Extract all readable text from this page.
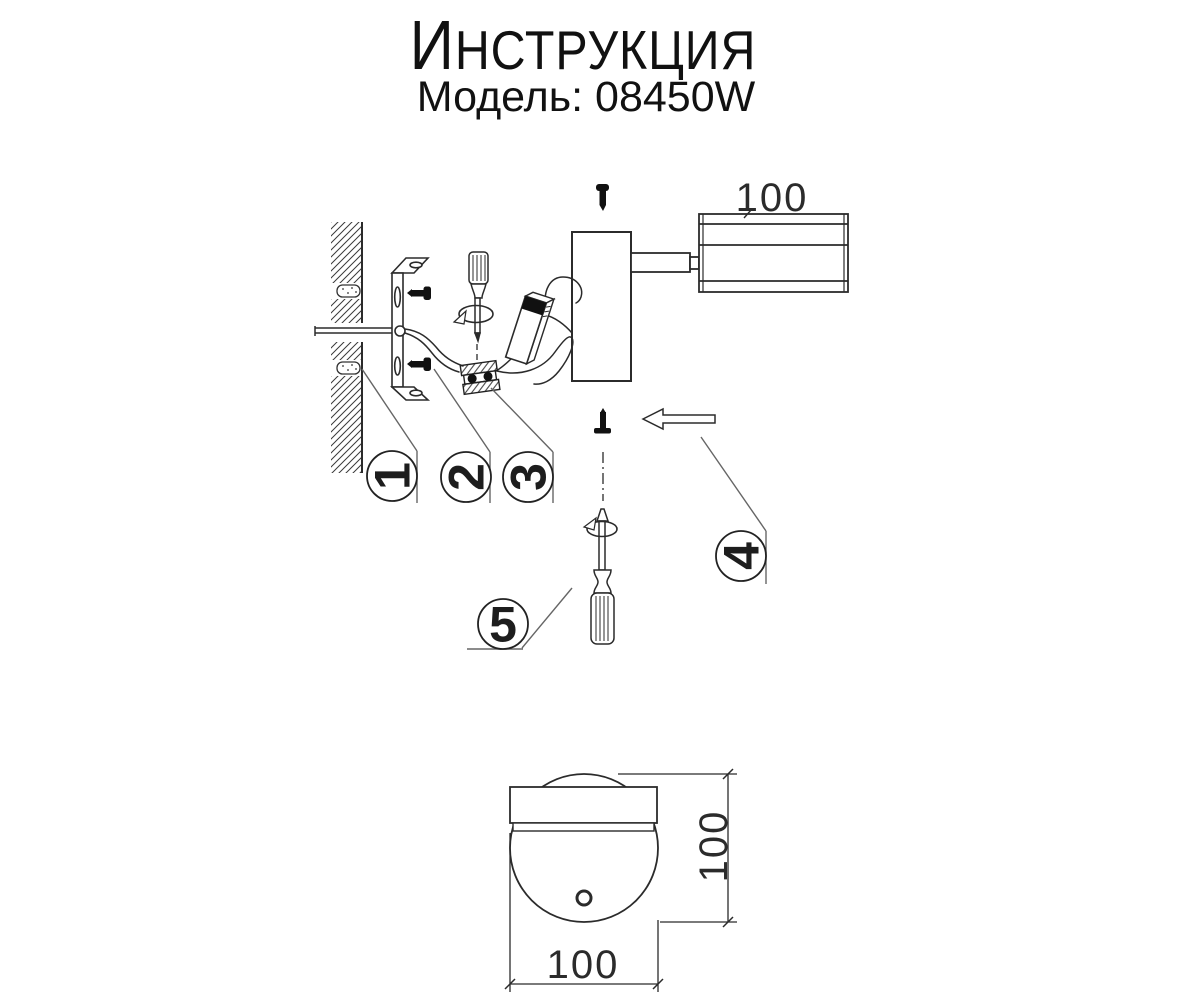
ИНСТРУКЦИЯ
Модель: 08450W
100
1 2 3
4
5
100
100
